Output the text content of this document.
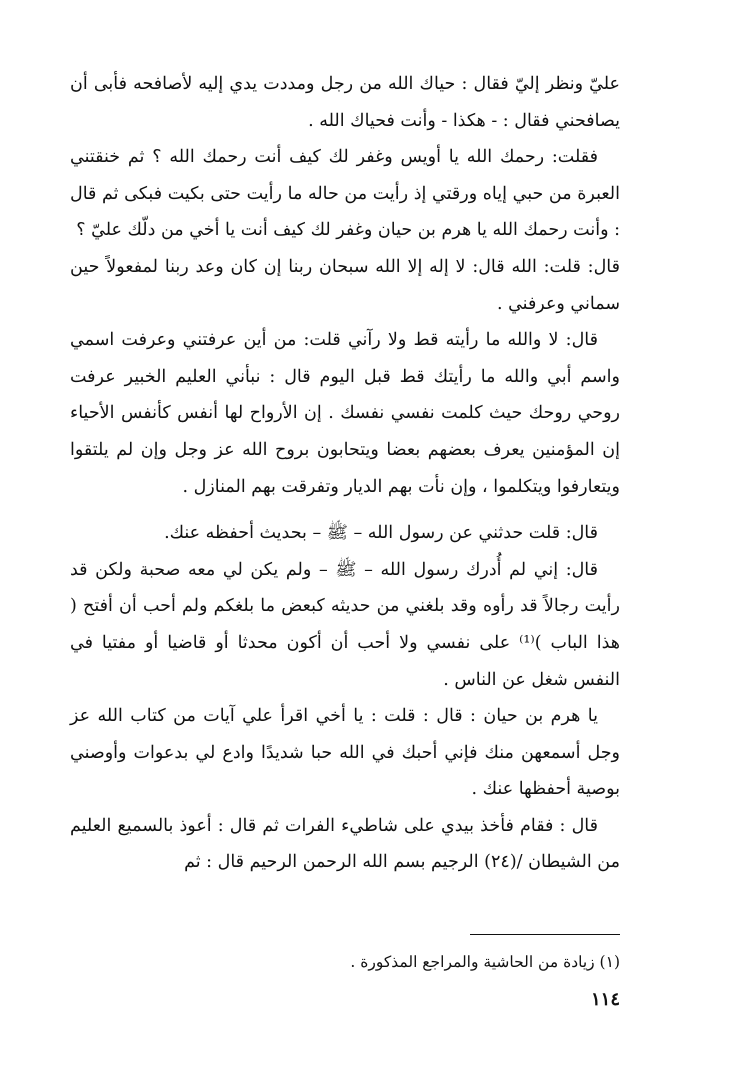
عليّ ونظر إليّ فقال : حياك الله من رجل ومددت يدي إليه لأصافحه فأبى أن يصافحني فقال : - هكذا - وأنت فحياك الله .

فقلت: رحمك الله يا أويس وغفر لك كيف أنت رحمك الله ؟ ثم خنقتني العبرة من حبي إياه ورقتي إذ رأيت من حاله ما رأيت حتى بكيت فبكى ثم قال : وأنت رحمك الله يا هرم بن حيان وغفر لك كيف أنت يا أخي من دلّك عليّ ؟

قال: قلت: الله قال: لا إله إلا الله سبحان ربنا إن كان وعد ربنا لمفعولاً حين سماني وعرفني .

قال: لا والله ما رأيته قط ولا رآني قلت: من أين عرفتني وعرفت اسمي واسم أبي والله ما رأيتك قط قبل اليوم قال : نبأني العليم الخبير عرفت روحي روحك حيث كلمت نفسي نفسك . إن الأرواح لها أنفس كأنفس الأحياء إن المؤمنين يعرف بعضهم بعضا ويتحابون بروح الله عز وجل وإن لم يلتقوا ويتعارفوا ويتكلموا ، وإن نأت بهم الديار وتفرقت بهم المنازل .

قال: قلت حدثني عن رسول الله – ﷺ – بحديث أحفظه عنك.

قال: إني لم أُدرك رسول الله – ﷺ – ولم يكن لي معه صحبة ولكن قد رأيت رجالاً قد رأوه وقد بلغني من حديثه كبعض ما بلغكم ولم أحب أن أفتح ( هذا الباب )⁽¹⁾ على نفسي ولا أحب أن أكون محدثا أو قاضيا أو مفتيا في النفس شغل عن الناس .

يا هرم بن حيان : قال : قلت : يا أخي اقرأ علي آيات من كتاب الله عز وجل أسمعهن منك فإني أحبك في الله حبا شديدًا وادع لي بدعوات وأوصني بوصية أحفظها عنك .

قال : فقام فأخذ بيدي على شاطيء الفرات ثم قال : أعوذ بالسميع العليم من الشيطان /(٢٤) الرجيم بسم الله الرحمن الرحيم قال : ثم

(١) زيادة من الحاشية والمراجع المذكورة .
١١٤
